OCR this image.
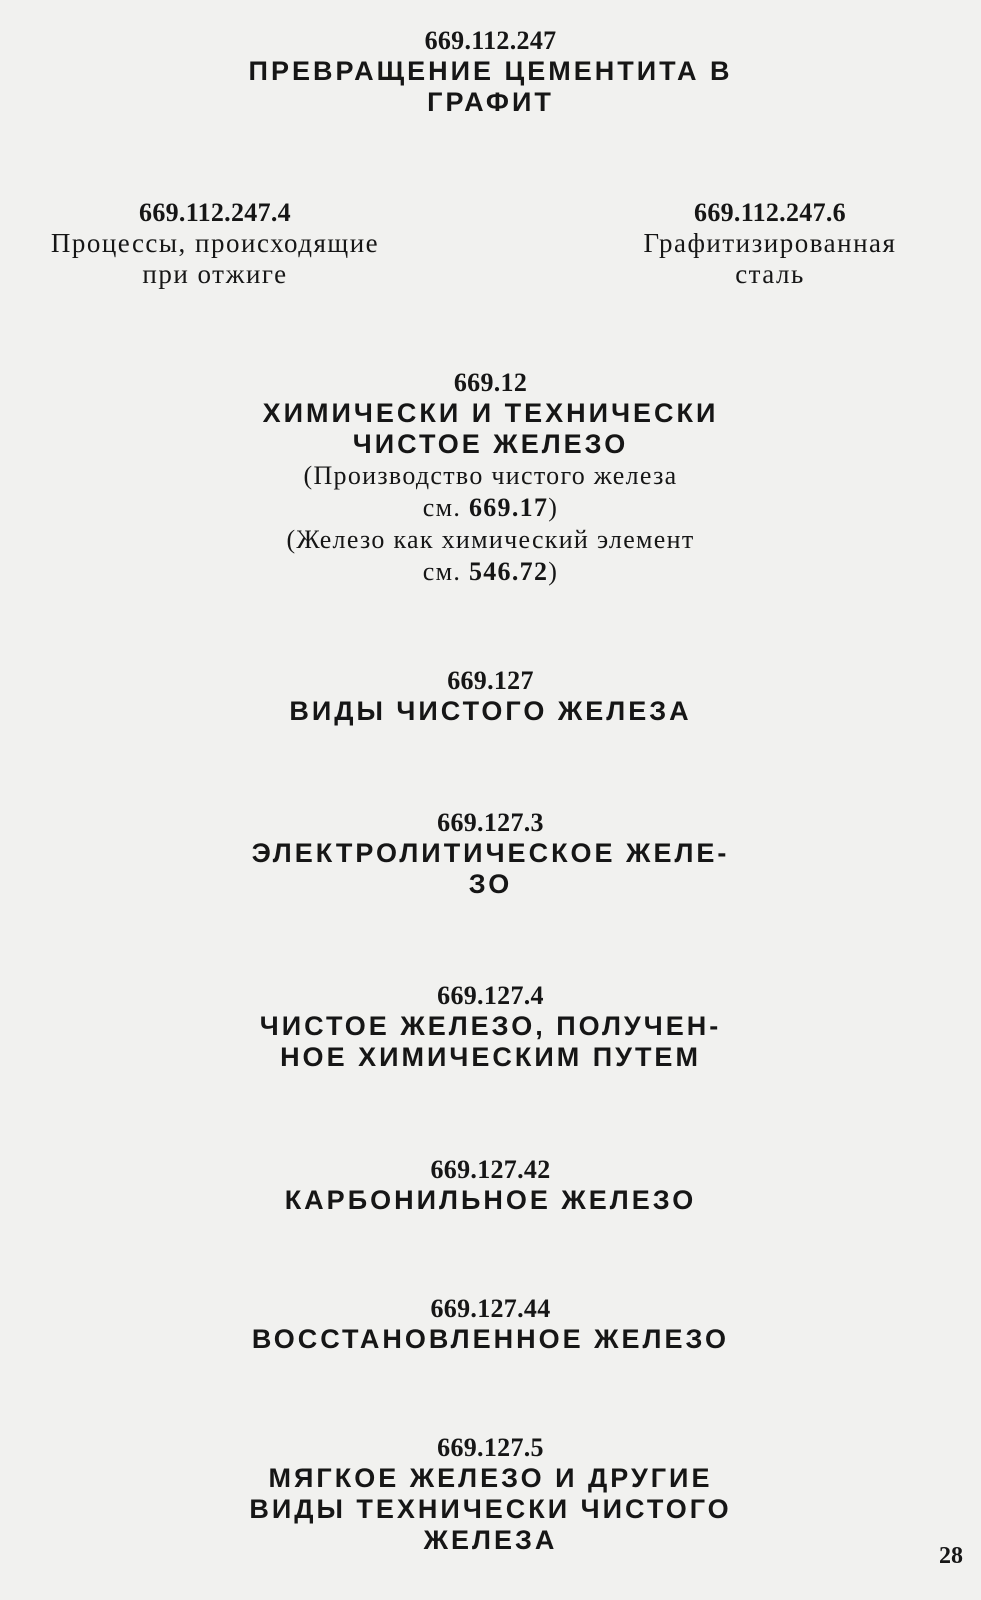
669.112.247
ПРЕВРАЩЕНИЕ ЦЕМЕНТИТА В
ГРАФИТ
669.112.247.4
Процессы, происходящие
при отжиге
669.112.247.6
Графитизированная
сталь
669.12
ХИМИЧЕСКИ И ТЕХНИЧЕСКИ
ЧИСТОЕ ЖЕЛЕЗО
(Производство чистого железа
см. 669.17)
(Железо как химический элемент
см. 546.72)
669.127
ВИДЫ ЧИСТОГО ЖЕЛЕЗА
669.127.3
ЭЛЕКТРОЛИТИЧЕСКОЕ ЖЕЛЕ-
ЗО
669.127.4
ЧИСТОЕ ЖЕЛЕЗО, ПОЛУЧЕН-
НОЕ ХИМИЧЕСКИМ ПУТЕМ
669.127.42
КАРБОНИЛЬНОЕ ЖЕЛЕЗО
669.127.44
ВОССТАНОВЛЕННОЕ ЖЕЛЕЗО
669.127.5
МЯГКОЕ ЖЕЛЕЗО И ДРУГИЕ
ВИДЫ ТЕХНИЧЕСКИ ЧИСТОГО
ЖЕЛЕЗА
28
